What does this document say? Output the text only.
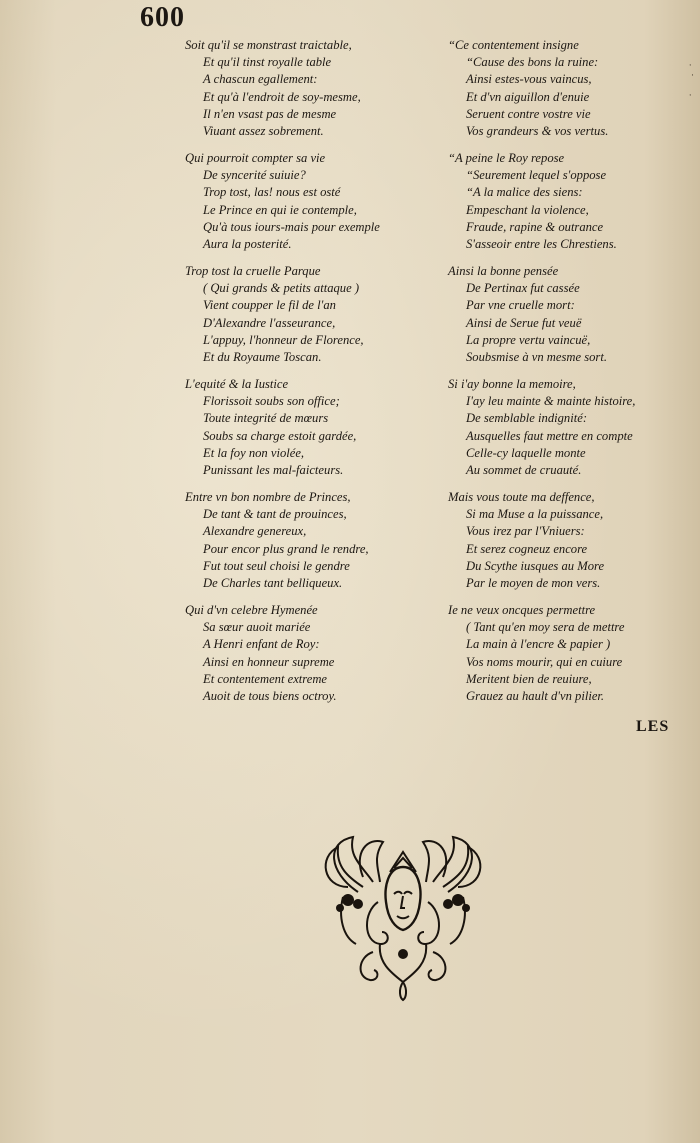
600
Soit qu'il se monstrast traictable,
Et qu'il tinst royalle table
A chascun egallement:
Et qu'à l'endroit de soy-mesme,
Il n'en vsast pas de mesme
Viuant assez sobrement.
Qui pourroit compter sa vie
De syncerité suiuie?
Trop tost, las! nous est osté
Le Prince en qui ie contemple,
Qu'à tous iours-mais pour exemple
Aura la posterité.
Trop tost la cruelle Parque
( Qui grands & petits attaque )
Vient coupper le fil de l'an
D'Alexandre l'asseurance,
L'appuy, l'honneur de Florence,
Et du Royaume Toscan.
L'equité & la Iustice
Florissoit soubs son office;
Toute integrité de mœurs
Soubs sa charge estoit gardée,
Et la foy non violée,
Punissant les mal-faicteurs.
Entre vn bon nombre de Princes,
De tant & tant de prouinces,
Alexandre genereux,
Pour encor plus grand le rendre,
Fut tout seul choisi le gendre
De Charles tant belliqueux.
Qui d'vn celebre Hymenée
Sa sœur auoit mariée
A Henri enfant de Roy:
Ainsi en honneur supreme
Et contentement extreme
Auoit de tous biens octroy.
“Ce contentement insigne
“Cause des bons la ruine:
Ainsi estes-vous vaincus,
Et d'vn aiguillon d'enuie
Seruent contre vostre vie
Vos grandeurs & vos vertus.
“A peine le Roy repose
“Seurement lequel s'oppose
“A la malice des siens:
Empeschant la violence,
Fraude, rapine & outrance
S'asseoir entre les Chrestiens.
Ainsi la bonne pensée
De Pertinax fut cassée
Par vne cruelle mort:
Ainsi de Serue fut veuë
La propre vertu vaincuë,
Soubsmise à vn mesme sort.
Si i'ay bonne la memoire,
I'ay leu mainte & mainte histoire,
De semblable indignité:
Ausquelles faut mettre en compte
Celle-cy laquelle monte
Au sommet de cruauté.
Mais vous toute ma deffence,
Si ma Muse a la puissance,
Vous irez par l'Vniuers:
Et serez cogneuz encore
Du Scythe iusques au More
Par le moyen de mon vers.
Ie ne veux oncques permettre
( Tant qu'en moy sera de mettre
La main à l'encre & papier )
Vos noms mourir, qui en cuiure
Meritent bien de reuiure,
Grauez au hault d'vn pilier.
LES
·
·

·
